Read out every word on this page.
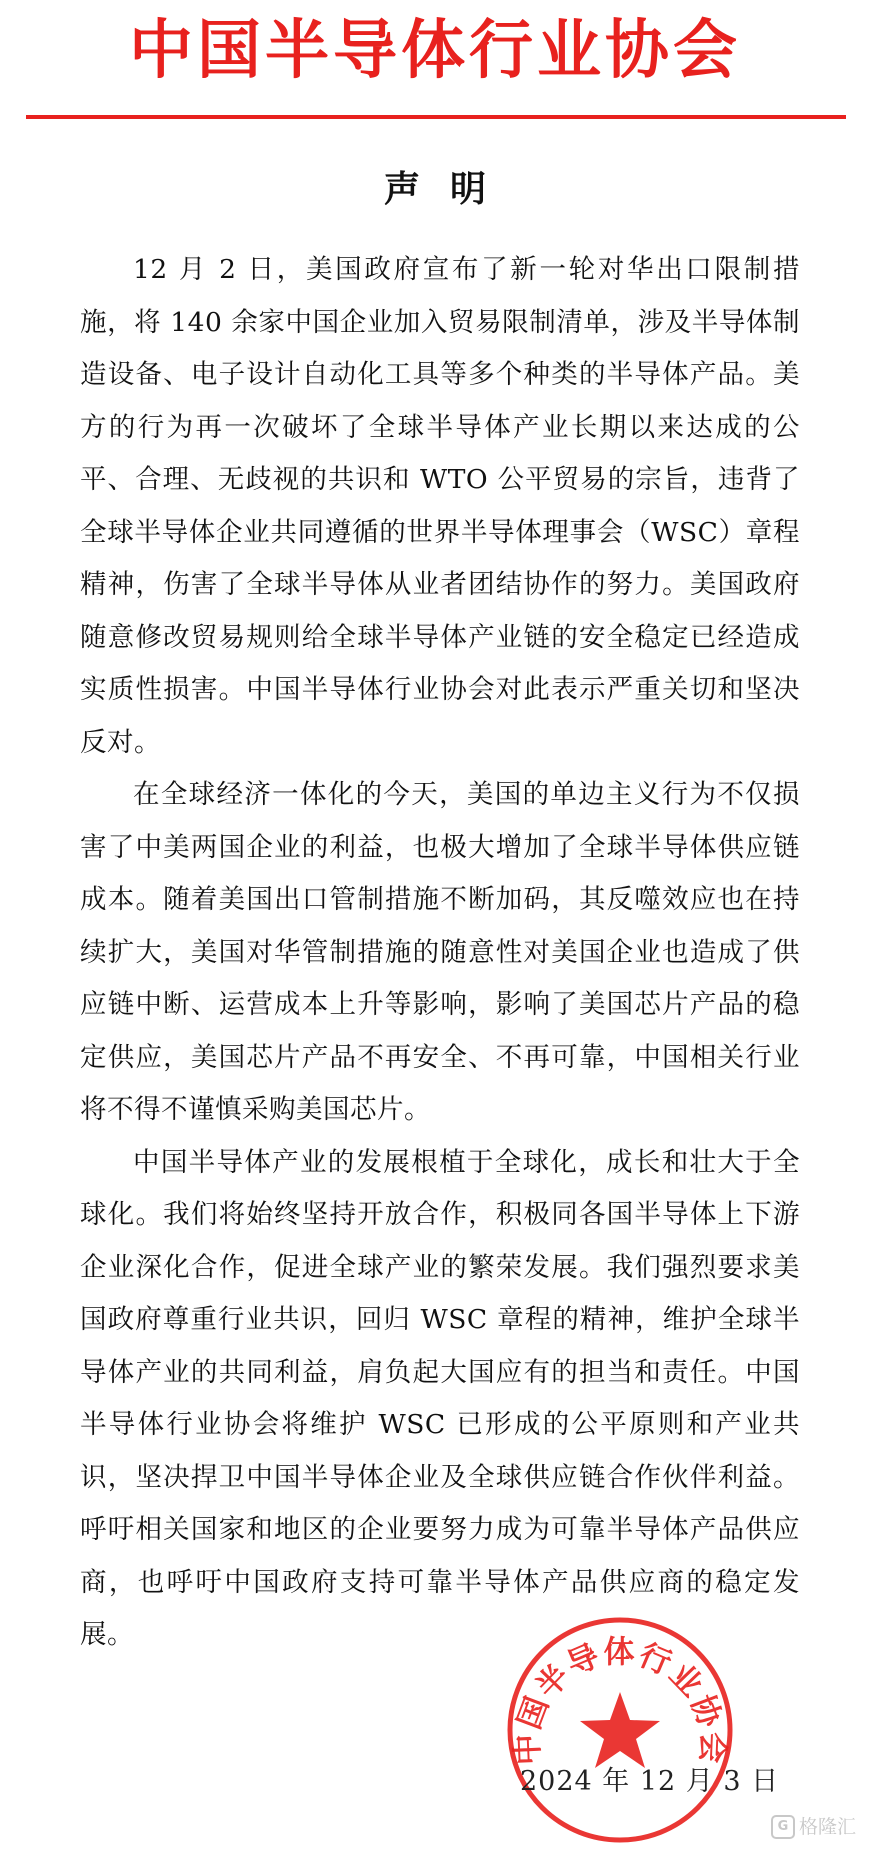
中国半导体行业协会
声明

12 月 2 日，美国政府宣布了新一轮对华出口限制措施，将 140 余家中国企业加入贸易限制清单，涉及半导体制造设备、电子设计自动化工具等多个种类的半导体产品。美方的行为再一次破坏了全球半导体产业长期以来达成的公平、合理、无歧视的共识和 WTO 公平贸易的宗旨，违背了全球半导体企业共同遵循的世界半导体理事会（WSC）章程精神，伤害了全球半导体从业者团结协作的努力。美国政府随意修改贸易规则给全球半导体产业链的安全稳定已经造成实质性损害。中国半导体行业协会对此表示严重关切和坚决反对。

在全球经济一体化的今天，美国的单边主义行为不仅损害了中美两国企业的利益，也极大增加了全球半导体供应链成本。随着美国出口管制措施不断加码，其反噬效应也在持续扩大，美国对华管制措施的随意性对美国企业也造成了供应链中断、运营成本上升等影响，影响了美国芯片产品的稳定供应，美国芯片产品不再安全、不再可靠，中国相关行业将不得不谨慎采购美国芯片。

中国半导体产业的发展根植于全球化，成长和壮大于全球化。我们将始终坚持开放合作，积极同各国半导体上下游企业深化合作，促进全球产业的繁荣发展。我们强烈要求美国政府尊重行业共识，回归 WSC 章程的精神，维护全球半导体产业的共同利益，肩负起大国应有的担当和责任。中国半导体行业协会将维护 WSC 已形成的公平原则和产业共识，坚决捍卫中国半导体企业及全球供应链合作伙伴利益。呼吁相关国家和地区的企业要努力成为可靠半导体产品供应商，也呼吁中国政府支持可靠半导体产品供应商的稳定发展。

中国半导体行业协会
2024 年 12 月 3 日
G 格隆汇
